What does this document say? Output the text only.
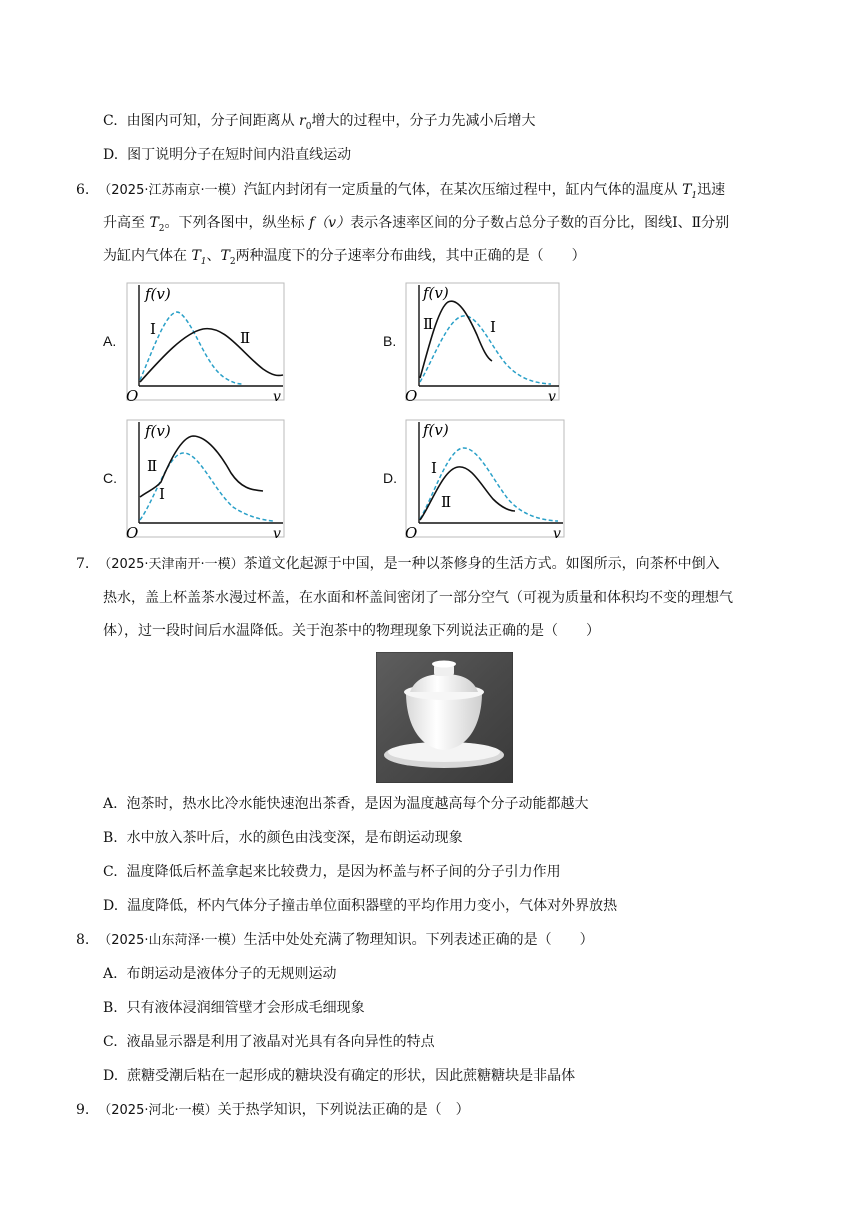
C. 由图内可知，分子间距离从 $r_0$增大的过程中，分子力先减小后增大
D. 图丁说明分子在短时间内沿直线运动
6. （2025·江苏南京·一模）汽缸内封闭有一定质量的气体，在某次压缩过程中，缸内气体的温度从 $T_1$迅速
升高至 $T_2$。下列各图中，纵坐标 f（v）表示各速率区间的分子数占总分子数的百分比，图线Ⅰ、Ⅱ分别
为缸内气体在 $T_1$、$T_2$两种温度下的分子速率分布曲线，其中正确的是（　　）
A.	B.
C.	D.
f(v)
v
O
Ⅰ	Ⅱ
f(v)
v
O
Ⅰ
Ⅱ
f(v)
v
O
Ⅰ
Ⅱ
f(v)
v
O
Ⅰ
Ⅱ
7. （2025·天津南开·一模）茶道文化起源于中国，是一种以茶修身的生活方式。如图所示，向茶杯中倒入
热水，盖上杯盖茶水漫过杯盖，在水面和杯盖间密闭了一部分空气（可视为质量和体积均不变的理想气
体），过一段时间后水温降低。关于泡茶中的物理现象下列说法正确的是（　　）
A. 泡茶时，热水比冷水能快速泡出茶香，是因为温度越高每个分子动能都越大
B. 水中放入茶叶后，水的颜色由浅变深，是布朗运动现象
C. 温度降低后杯盖拿起来比较费力，是因为杯盖与杯子间的分子引力作用
D. 温度降低，杯内气体分子撞击单位面积器壁的平均作用力变小，气体对外界放热
8. （2025·山东菏泽·一模）生活中处处充满了物理知识。下列表述正确的是（　　）
A. 布朗运动是液体分子的无规则运动
B. 只有液体浸润细管壁才会形成毛细现象
C. 液晶显示器是利用了液晶对光具有各向异性的特点
D. 蔗糖受潮后粘在一起形成的糖块没有确定的形状，因此蔗糖糖块是非晶体
9. （2025·河北·一模）关于热学知识，下列说法正确的是（　）
